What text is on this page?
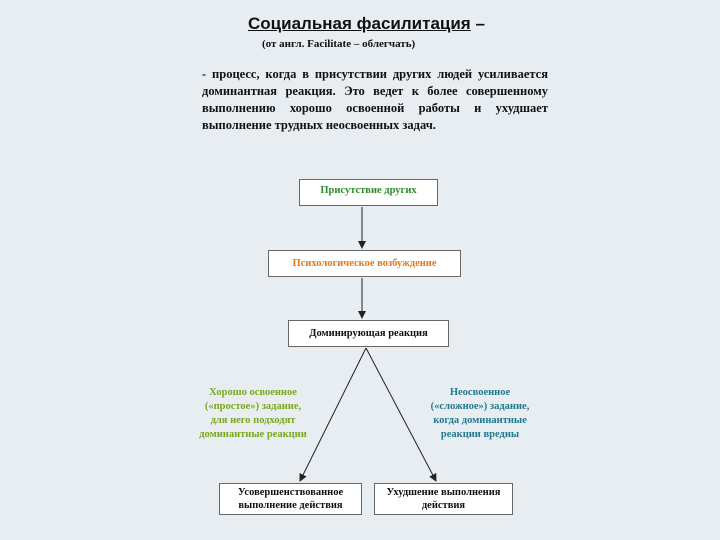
Социальная фасилитация –
(от англ. Facilitate – облегчать)
- процесс, когда в присутствии других людей усиливается доминантная реакция. Это ведет к более совершенному выполнению хорошо освоенной работы и ухудшает выполнение трудных неосвоенных задач.
Присутствие других
Психологическое возбуждение
Доминирующая реакция
Хорошо освоенное
(«простое») задание,
для него подходят
доминантные реакции
Неосвоенное
(«сложное») задание,
когда доминантные
реакции вредны
Усовершенствованное выполнение действия
Ухудшение выполнения действия
